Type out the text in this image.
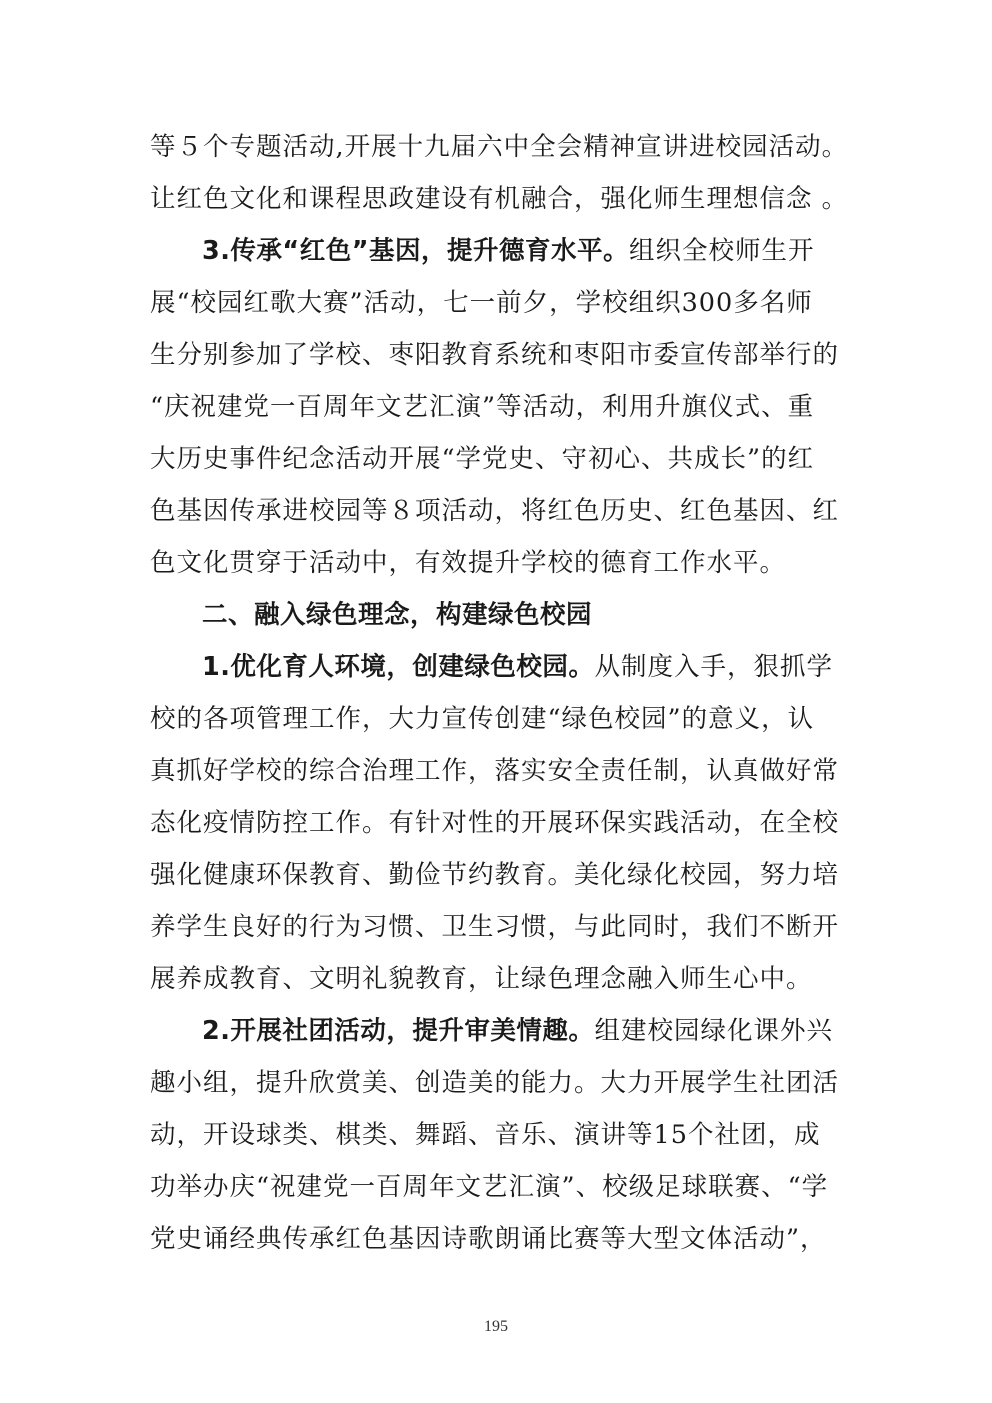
等５个专题活动,开展十九届六中全会精神宣讲进校园活动。
让红色文化和课程思政建设有机融合，强化师生理想信念 。
3.传承“红色”基因，提升德育水平。组织全校师生开
展“校园红歌大赛”活动，七一前夕，学校组织300多名师
生分别参加了学校、枣阳教育系统和枣阳市委宣传部举行的
“庆祝建党一百周年文艺汇演”等活动，利用升旗仪式、重
大历史事件纪念活动开展“学党史、守初心、共成长”的红
色基因传承进校园等８项活动，将红色历史、红色基因、红
色文化贯穿于活动中，有效提升学校的德育工作水平。
二、融入绿色理念，构建绿色校园
1.优化育人环境，创建绿色校园。从制度入手，狠抓学
校的各项管理工作，大力宣传创建“绿色校园”的意义，认
真抓好学校的综合治理工作，落实安全责任制，认真做好常
态化疫情防控工作。有针对性的开展环保实践活动，在全校
强化健康环保教育、勤俭节约教育。美化绿化校园，努力培
养学生良好的行为习惯、卫生习惯，与此同时，我们不断开
展养成教育、文明礼貌教育，让绿色理念融入师生心中。
2.开展社团活动，提升审美情趣。组建校园绿化课外兴
趣小组，提升欣赏美、创造美的能力。大力开展学生社团活
动，开设球类、棋类、舞蹈、音乐、演讲等15个社团，成
功举办庆“祝建党一百周年文艺汇演”、校级足球联赛、“学
党史诵经典传承红色基因诗歌朗诵比赛等大型文体活动”，
195
